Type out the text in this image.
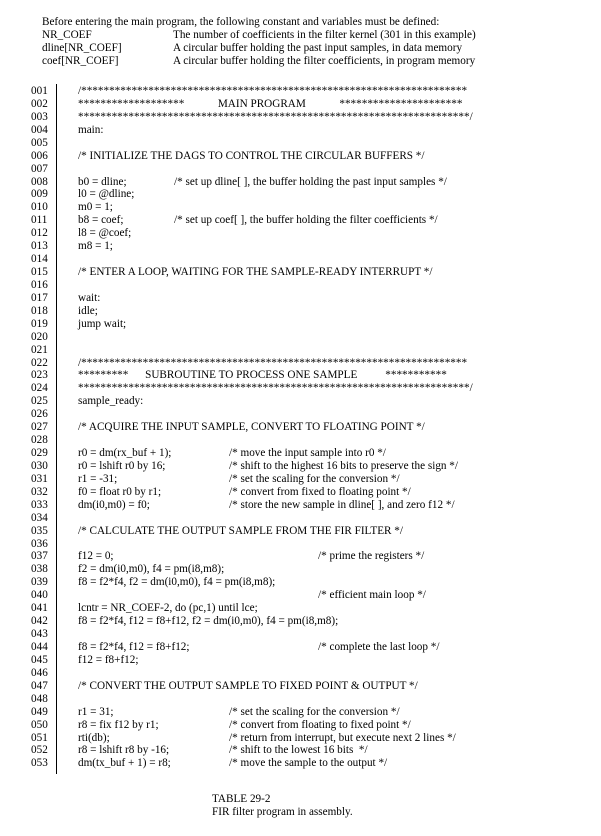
Before entering the main program, the following constant and variables must be defined:
NR_COEF	The number of coefficients in the filter kernel (301 in this example)
dline[NR_COEF]	A circular buffer holding the past input samples, in data memory
coef[NR_COEF]	A circular buffer holding the filter coefficients, in program memory
001	/*********************************************************************
002	*******************            MAIN PROGRAM            **********************
003	**********************************************************************/
004	main:
005
006	/* INITIALIZE THE DAGS TO CONTROL THE CIRCULAR BUFFERS */
007
008	b0 = dline;	/* set up dline[ ], the buffer holding the past input samples */
009	l0 = @dline;
010	m0 = 1;
011	b8 = coef;	/* set up coef[ ], the buffer holding the filter coefficients */
012	l8 = @coef;
013	m8 = 1;
014
015	/* ENTER A LOOP, WAITING FOR THE SAMPLE-READY INTERRUPT */
016
017	wait:
018	idle;
019	jump wait;
020
021
022	/*********************************************************************
023	*********      SUBROUTINE TO PROCESS ONE SAMPLE          ***********
024	**********************************************************************/
025	sample_ready:
026
027	/* ACQUIRE THE INPUT SAMPLE, CONVERT TO FLOATING POINT */
028
029	r0 = dm(rx_buf + 1);	/* move the input sample into r0 */
030	r0 = lshift r0 by 16;	/* shift to the highest 16 bits to preserve the sign */
031	r1 = -31;	/* set the scaling for the conversion */
032	f0 = float r0 by r1;	/* convert from fixed to floating point */
033	dm(i0,m0) = f0;	/* store the new sample in dline[ ], and zero f12 */
034
035	/* CALCULATE THE OUTPUT SAMPLE FROM THE FIR FILTER */
036
037	f12 = 0;	/* prime the registers */
038	f2 = dm(i0,m0), f4 = pm(i8,m8);
039	f8 = f2*f4, f2 = dm(i0,m0), f4 = pm(i8,m8);
040	/* efficient main loop */
041	lcntr = NR_COEF-2, do (pc,1) until lce;
042	f8 = f2*f4, f12 = f8+f12, f2 = dm(i0,m0), f4 = pm(i8,m8);
043
044	f8 = f2*f4, f12 = f8+f12;	/* complete the last loop */
045	f12 = f8+f12;
046
047	/* CONVERT THE OUTPUT SAMPLE TO FIXED POINT & OUTPUT */
048
049	r1 = 31;	/* set the scaling for the conversion */
050	r8 = fix f12 by r1;	/* convert from floating to fixed point */
051	rti(db);	/* return from interrupt, but execute next 2 lines */
052	r8 = lshift r8 by -16;	/* shift to the lowest 16 bits  */
053	dm(tx_buf + 1) = r8;	/* move the sample to the output */
TABLE 29-2
FIR filter program in assembly.
